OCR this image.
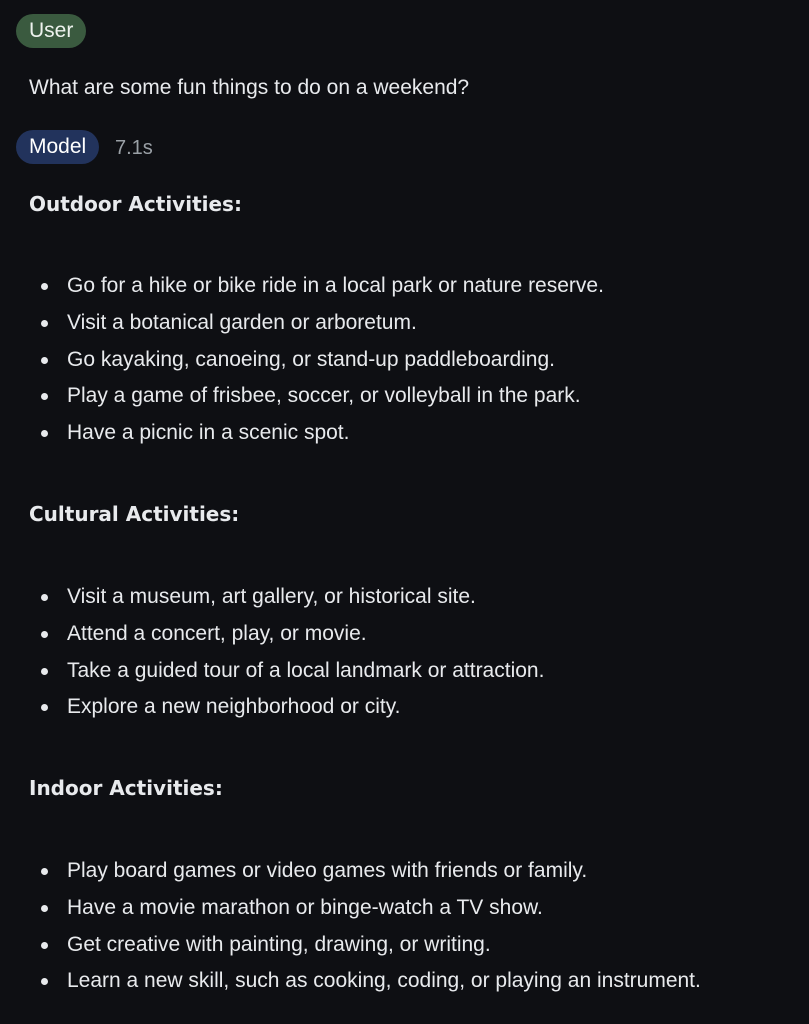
User
What are some fun things to do on a weekend?
Model	7.1s
Outdoor Activities:
Go for a hike or bike ride in a local park or nature reserve.
Visit a botanical garden or arboretum.
Go kayaking, canoeing, or stand-up paddleboarding.
Play a game of frisbee, soccer, or volleyball in the park.
Have a picnic in a scenic spot.
Cultural Activities:
Visit a museum, art gallery, or historical site.
Attend a concert, play, or movie.
Take a guided tour of a local landmark or attraction.
Explore a new neighborhood or city.
Indoor Activities:
Play board games or video games with friends or family.
Have a movie marathon or binge-watch a TV show.
Get creative with painting, drawing, or writing.
Learn a new skill, such as cooking, coding, or playing an instrument.
